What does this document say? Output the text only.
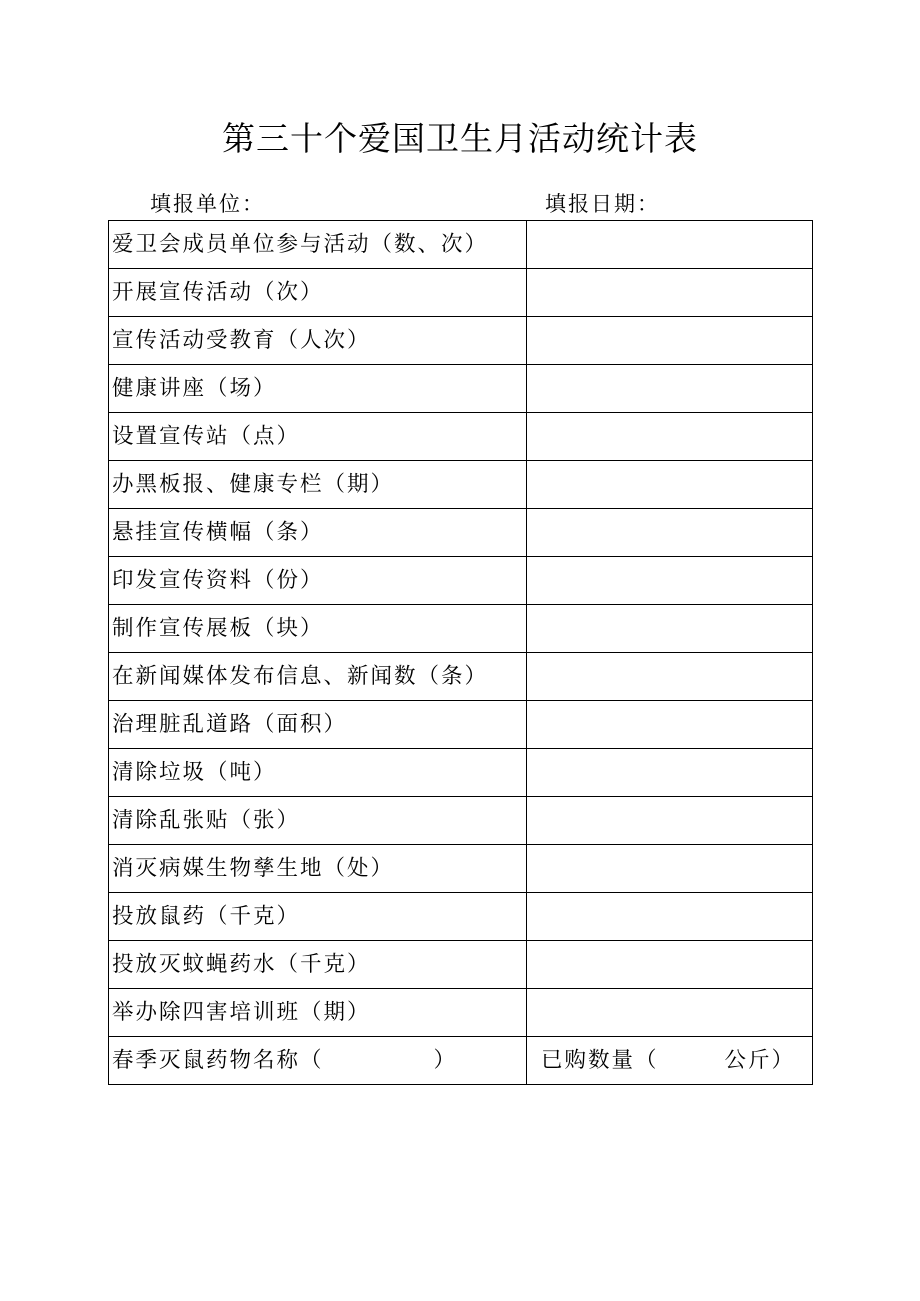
第三十个爱国卫生月活动统计表
填报单位：	填报日期：
爱卫会成员单位参与活动（数、次）	
开展宣传活动（次）	
宣传活动受教育（人次）	
健康讲座（场）	
设置宣传站（点）	
办黑板报、健康专栏（期）	
悬挂宣传横幅（条）	
印发宣传资料（份）	
制作宣传展板（块）	
在新闻媒体发布信息、新闻数（条）	
治理脏乱道路（面积）	
清除垃圾（吨）	
清除乱张贴（张）	
消灭病媒生物孳生地（处）	
投放鼠药（千克）	
投放灭蚊蝇药水（千克）	
举办除四害培训班（期）	
春季灭鼠药物名称（ ）	已购数量（ 公斤）
